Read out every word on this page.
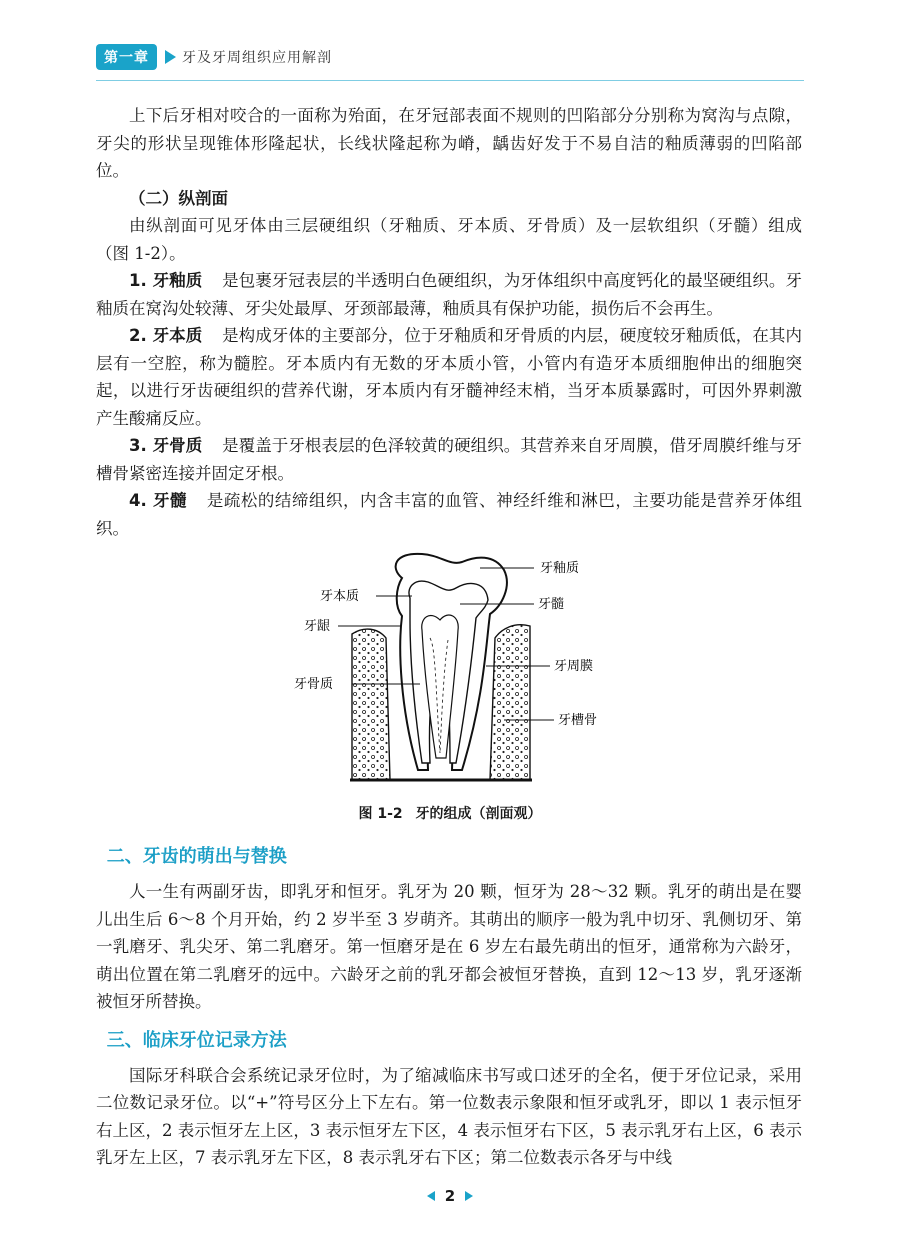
第一章	牙及牙周组织应用解剖

上下后牙相对咬合的一面称为殆面，在牙冠部表面不规则的凹陷部分分别称为窝沟与点隙，牙尖的形状呈现锥体形隆起状，长线状隆起称为嵴，龋齿好发于不易自洁的釉质薄弱的凹陷部位。

（二）纵剖面

由纵剖面可见牙体由三层硬组织（牙釉质、牙本质、牙骨质）及一层软组织（牙髓）组成（图 1-2）。

1. 牙釉质 是包裹牙冠表层的半透明白色硬组织，为牙体组织中高度钙化的最坚硬组织。牙釉质在窝沟处较薄、牙尖处最厚、牙颈部最薄，釉质具有保护功能，损伤后不会再生。

2. 牙本质 是构成牙体的主要部分，位于牙釉质和牙骨质的内层，硬度较牙釉质低，在其内层有一空腔，称为髓腔。牙本质内有无数的牙本质小管，小管内有造牙本质细胞伸出的细胞突起，以进行牙齿硬组织的营养代谢，牙本质内有牙髓神经末梢，当牙本质暴露时，可因外界刺激产生酸痛反应。

3. 牙骨质 是覆盖于牙根表层的色泽较黄的硬组织。其营养来自牙周膜，借牙周膜纤维与牙槽骨紧密连接并固定牙根。

4. 牙髓 是疏松的结缔组织，内含丰富的血管、神经纤维和淋巴，主要功能是营养牙体组织。

牙釉质
牙本质
牙髓
牙龈
牙周膜
牙骨质
牙槽骨
图 1-2 牙的组成（剖面观）
二、牙齿的萌出与替换

人一生有两副牙齿，即乳牙和恒牙。乳牙为 20 颗，恒牙为 28～32 颗。乳牙的萌出是在婴儿出生后 6～8 个月开始，约 2 岁半至 3 岁萌齐。其萌出的顺序一般为乳中切牙、乳侧切牙、第一乳磨牙、乳尖牙、第二乳磨牙。第一恒磨牙是在 6 岁左右最先萌出的恒牙，通常称为六龄牙，萌出位置在第二乳磨牙的远中。六龄牙之前的乳牙都会被恒牙替换，直到 12～13 岁，乳牙逐渐被恒牙所替换。

三、临床牙位记录方法

国际牙科联合会系统记录牙位时，为了缩减临床书写或口述牙的全名，便于牙位记录，采用二位数记录牙位。以“+”符号区分上下左右。第一位数表示象限和恒牙或乳牙，即以 1 表示恒牙右上区，2 表示恒牙左上区，3 表示恒牙左下区，4 表示恒牙右下区，5 表示乳牙右上区，6 表示乳牙左上区，7 表示乳牙左下区，8 表示乳牙右下区；第二位数表示各牙与中线

2
